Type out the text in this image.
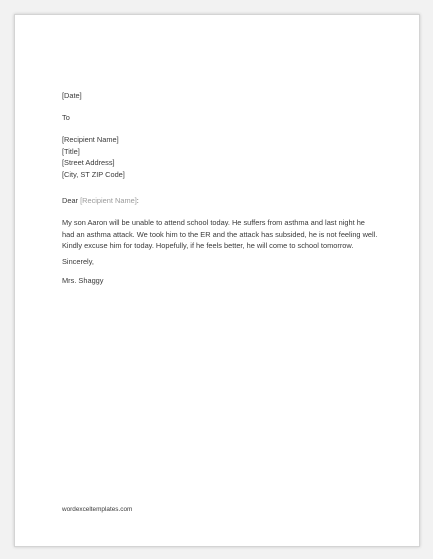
[Date]
To
[Recipient Name]
[Title]
[Street Address]
[City, ST ZIP Code]
Dear [Recipient Name]:
My son Aaron will be unable to attend school today. He suffers from asthma and last night he
had an asthma attack. We took him to the ER and the attack has subsided, he is not feeling well.
Kindly excuse him for today. Hopefully, if he feels better, he will come to school tomorrow.
Sincerely,
Mrs. Shaggy
wordexceltemplates.com
